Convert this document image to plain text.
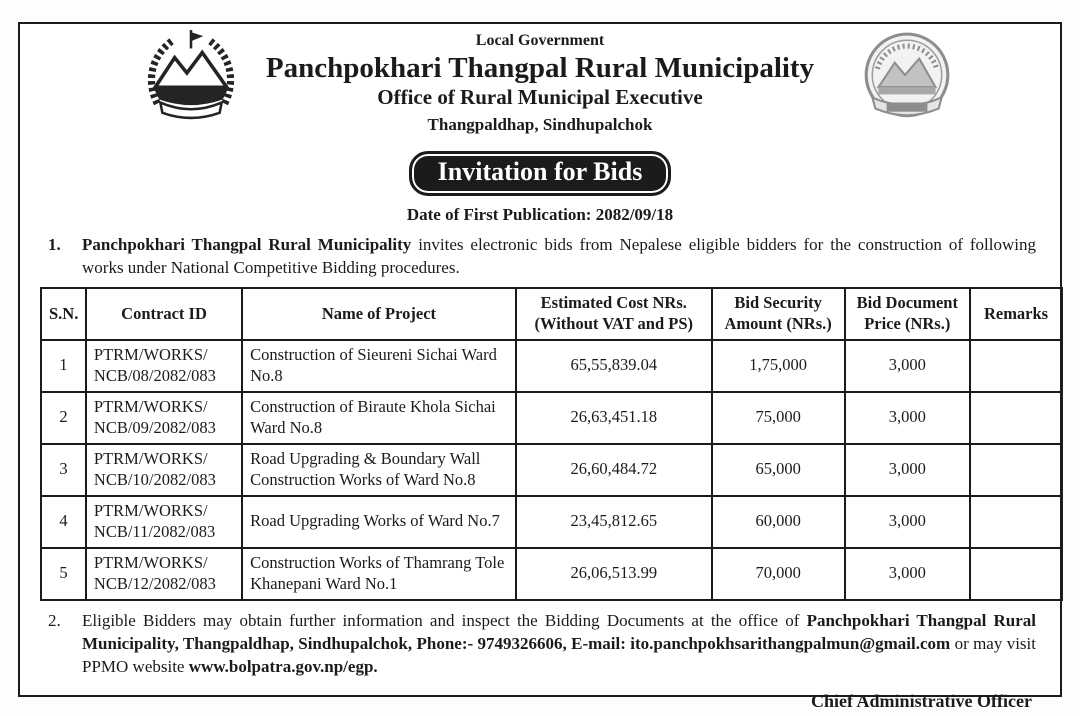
Local Government
Panchpokhari Thangpal Rural Municipality
Office of Rural Municipal Executive
Thangpaldhap, Sindhupalchok
Invitation for Bids
Date of First Publication: 2082/09/18
1.	Panchpokhari Thangpal Rural Municipality invites electronic bids from Nepalese eligible bidders for the construction of following works under National Competitive Bidding procedures.
S.N.	Contract ID	Name of Project	Estimated Cost NRs. (Without VAT and PS)	Bid Security Amount (NRs.)	Bid Document Price (NRs.)	Remarks
1	PTRM/WORKS/
NCB/08/2082/083	Construction of Sieureni Sichai Ward No.8	65,55,839.04	1,75,000	3,000	
2	PTRM/WORKS/
NCB/09/2082/083	Construction of Biraute Khola Sichai Ward No.8	26,63,451.18	75,000	3,000	
3	PTRM/WORKS/
NCB/10/2082/083	Road Upgrading & Boundary Wall Construction Works of Ward No.8	26,60,484.72	65,000	3,000	
4	PTRM/WORKS/
NCB/11/2082/083	Road Upgrading Works of Ward No.7	23,45,812.65	60,000	3,000	
5	PTRM/WORKS/
NCB/12/2082/083	Construction Works of Thamrang Tole Khanepani Ward No.1	26,06,513.99	70,000	3,000	
2.	Eligible Bidders may obtain further information and inspect the Bidding Documents at the office of Panchpokhari Thangpal Rural Municipality, Thangpaldhap, Sindhupalchok, Phone:- 9749326606, E-mail: ito.panchpokhsarithangpalmun@gmail.com or may visit PPMO website www.bolpatra.gov.np/egp.
Chief Administrative Officer
